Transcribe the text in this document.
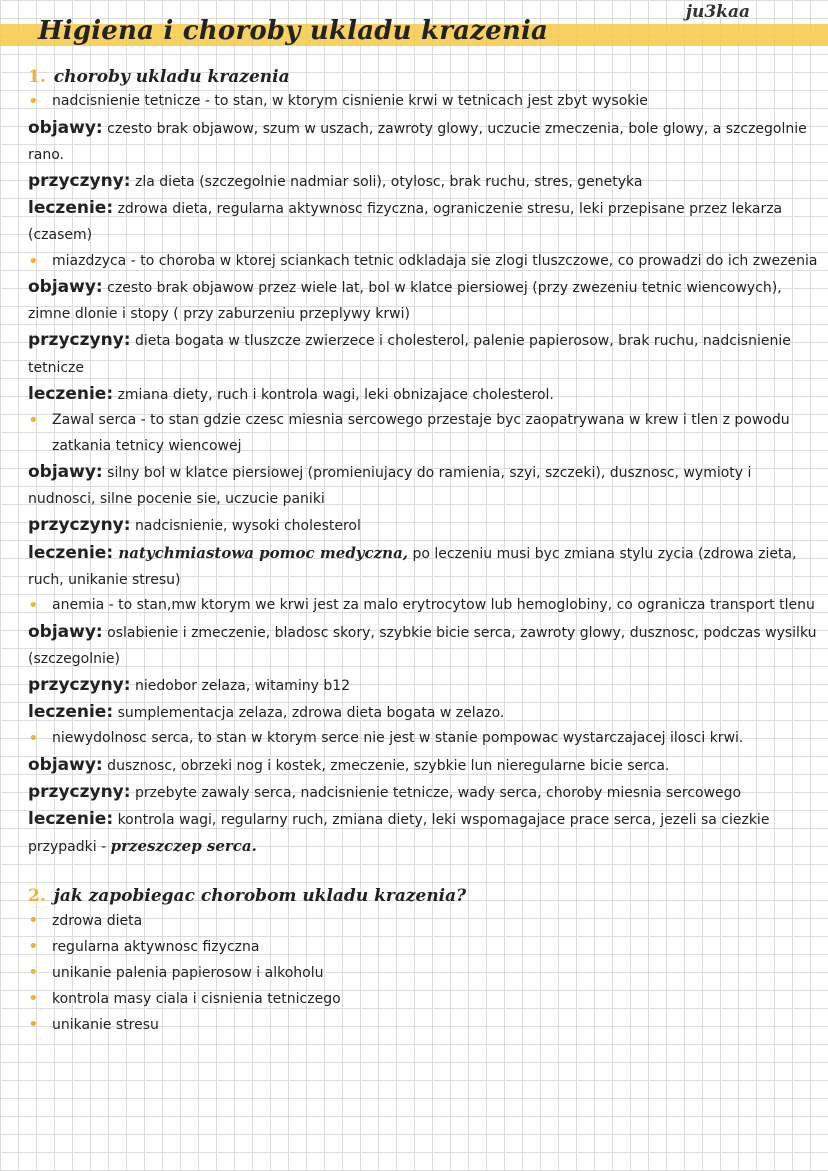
ju3kaa
Higiena i choroby ukladu krazenia
1. choroby ukladu krazenia
• nadcisnienie tetnicze - to stan, w ktorym cisnienie krwi w tetnicach jest zbyt wysokie
objawy: czesto brak objawow, szum w uszach, zawroty glowy, uczucie zmeczenia, bole glowy, a szczegolnie rano.
przyczyny: zla dieta (szczegolnie nadmiar soli), otylosc, brak ruchu, stres, genetyka
leczenie: zdrowa dieta, regularna aktywnosc fizyczna, ograniczenie stresu, leki przepisane przez lekarza (czasem)
• miazdzyca - to choroba w ktorej sciankach tetnic odkladaja sie zlogi tluszczowe, co prowadzi do ich zwezenia
objawy: czesto brak objawow przez wiele lat, bol w klatce piersiowej (przy zwezeniu tetnic wiencowych), zimne dlonie i stopy ( przy zaburzeniu przeplywy krwi)
przyczyny: dieta bogata w tluszcze zwierzece i cholesterol, palenie papierosow, brak ruchu, nadcisnienie tetnicze
leczenie: zmiana diety, ruch i kontrola wagi, leki obnizajace cholesterol.
• Zawal serca - to stan gdzie czesc miesnia sercowego przestaje byc zaopatrywana w krew i tlen z powodu zatkania tetnicy wiencowej
objawy: silny bol w klatce piersiowej (promieniujacy do ramienia, szyi, szczeki), dusznosc, wymioty i nudnosci, silne pocenie sie, uczucie paniki
przyczyny: nadcisnienie, wysoki cholesterol
leczenie: natychmiastowa pomoc medyczna, po leczeniu musi byc zmiana stylu zycia (zdrowa zieta, ruch, unikanie stresu)
• anemia - to stan,mw ktorym we krwi jest za malo erytrocytow lub hemoglobiny, co ogranicza transport tlenu
objawy: oslabienie i zmeczenie, bladosc skory, szybkie bicie serca, zawroty glowy, dusznosc, podczas wysilku (szczegolnie)
przyczyny: niedobor zelaza, witaminy b12
leczenie: sumplementacja zelaza, zdrowa dieta bogata w zelazo.
• niewydolnosc serca, to stan w ktorym serce nie jest w stanie pompowac wystarczajacej ilosci krwi.
objawy: dusznosc, obrzeki nog i kostek, zmeczenie, szybkie lun nieregularne bicie serca.
przyczyny: przebyte zawaly serca, nadcisnienie tetnicze, wady serca, choroby miesnia sercowego
leczenie: kontrola wagi, regularny ruch, zmiana diety, leki wspomagajace prace serca, jezeli sa ciezkie przypadki - przeszczep serca.
2. jak zapobiegac chorobom ukladu krazenia?
• zdrowa dieta
• regularna aktywnosc fizyczna
• unikanie palenia papierosow i alkoholu
• kontrola masy ciala i cisnienia tetniczego
• unikanie stresu
